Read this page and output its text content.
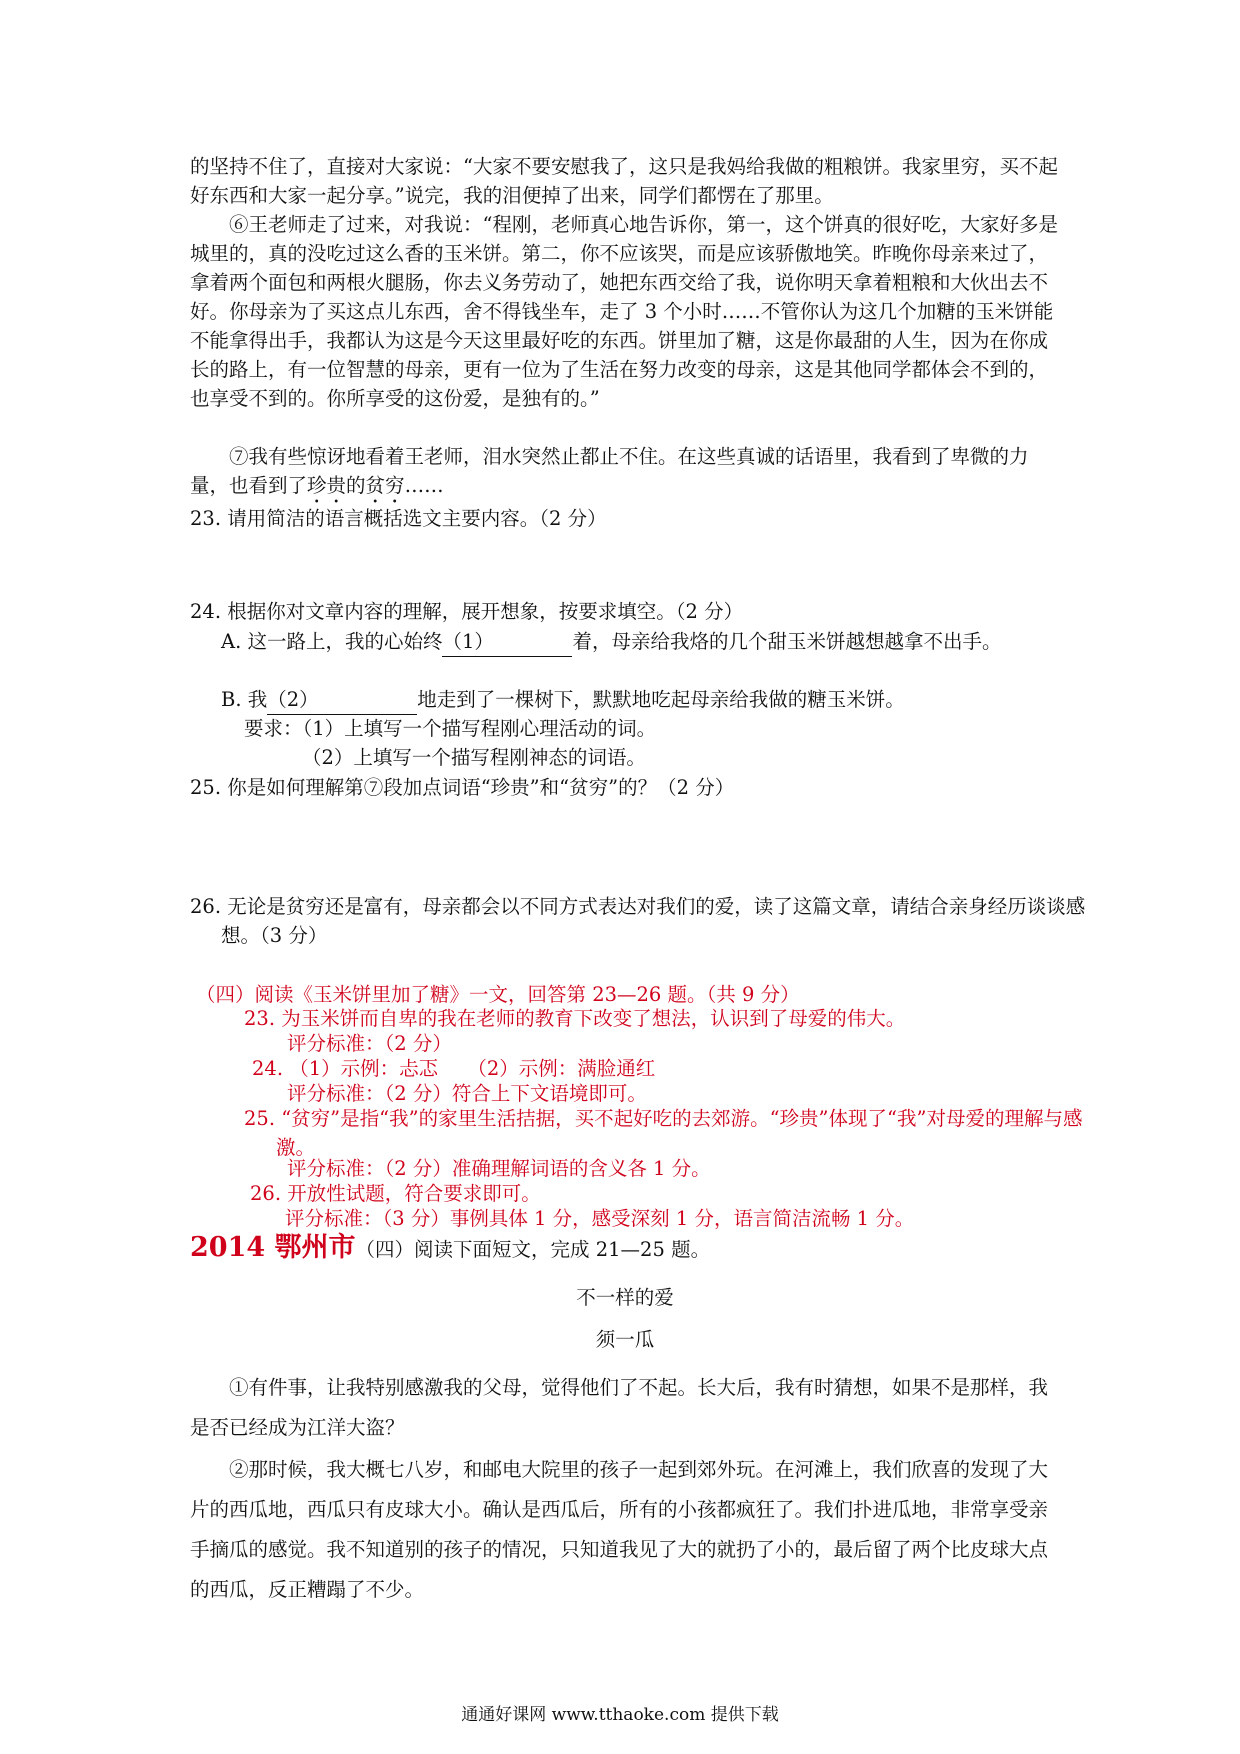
的坚持不住了，直接对大家说：“大家不要安慰我了，这只是我妈给我做的粗粮饼。我家里穷，买不起好东西和大家一起分享。”说完，我的泪便掉了出来，同学们都愣在了那里。

⑥王老师走了过来，对我说：“程刚，老师真心地告诉你，第一，这个饼真的很好吃，大家好多是城里的，真的没吃过这么香的玉米饼。第二，你不应该哭，而是应该骄傲地笑。昨晚你母亲来过了，拿着两个面包和两根火腿肠，你去义务劳动了，她把东西交给了我，说你明天拿着粗粮和大伙出去不好。你母亲为了买这点儿东西，舍不得钱坐车，走了 3 个小时……不管你认为这几个加糖的玉米饼能不能拿得出手，我都认为这是今天这里最好吃的东西。饼里加了糖，这是你最甜的人生，因为在你成长的路上，有一位智慧的母亲，更有一位为了生活在努力改变的母亲，这是其他同学都体会不到的，也享受不到的。你所享受的这份爱，是独有的。”

⑦我有些惊讶地看着王老师，泪水突然止都止不住。在这些真诚的话语里，我看到了卑微的力量，也看到了珍贵的贫穷……

23. 请用简洁的语言概括选文主要内容。（2 分）

24. 根据你对文章内容的理解，展开想象，按要求填空。（2 分）

A. 这一路上，我的心始终（1）	着，母亲给我烙的几个甜玉米饼越想越拿不出手。

B. 我（2）	地走到了一棵树下，默默地吃起母亲给我做的糖玉米饼。

要求：（1）上填写一个描写程刚心理活动的词。

（2）上填写一个描写程刚神态的词语。

25. 你是如何理解第⑦段加点词语“珍贵”和“贫穷”的？（2 分）

26. 无论是贫穷还是富有，母亲都会以不同方式表达对我们的爱，读了这篇文章，请结合亲身经历谈谈感想。（3 分）

（四）阅读《玉米饼里加了糖》一文，回答第 23—26 题。（共 9 分）

23. 为玉米饼而自卑的我在老师的教育下改变了想法，认识到了母爱的伟大。

评分标准：（2 分）

24. （1）示例：忐忑　　（2）示例：满脸通红

评分标准：（2 分）符合上下文语境即可。

25. “贫穷”是指“我”的家里生活拮据，买不起好吃的去郊游。“珍贵”体现了“我”对母爱的理解与感激。

评分标准：（2 分）准确理解词语的含义各 1 分。

26. 开放性试题，符合要求即可。

评分标准：（3 分）事例具体 1 分，感受深刻 1 分，语言简洁流畅 1 分。

2014 鄂州市（四）阅读下面短文，完成 21—25 题。

不一样的爱

须一瓜

①有件事，让我特别感激我的父母，觉得他们了不起。长大后，我有时猜想，如果不是那样，我是否已经成为江洋大盗？

②那时候，我大概七八岁，和邮电大院里的孩子一起到郊外玩。在河滩上，我们欣喜的发现了大片的西瓜地，西瓜只有皮球大小。确认是西瓜后，所有的小孩都疯狂了。我们扑进瓜地，非常享受亲手摘瓜的感觉。我不知道别的孩子的情况，只知道我见了大的就扔了小的，最后留了两个比皮球大点的西瓜，反正糟蹋了不少。

通通好课网 www.tthaoke.com 提供下载
